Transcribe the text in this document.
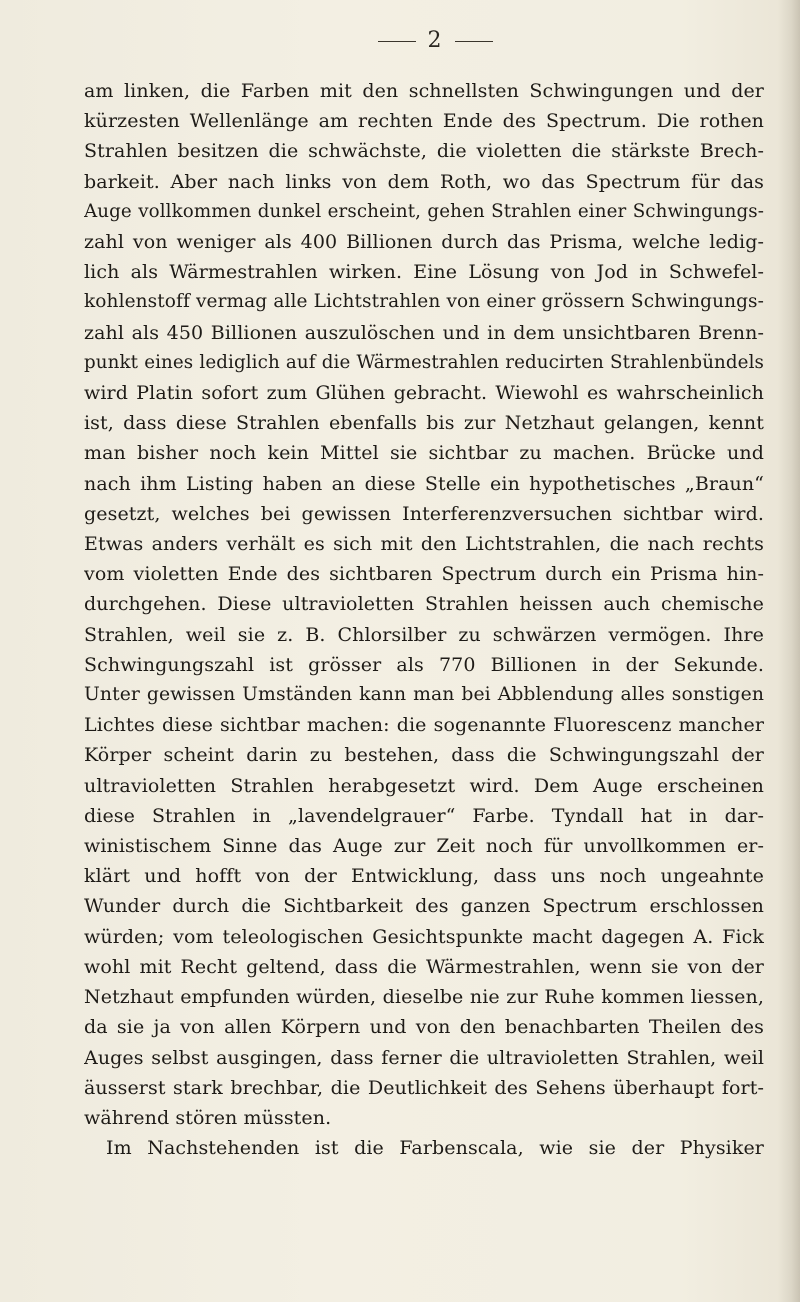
2
am linken, die Farben mit den schnellsten Schwingungen und der
kürzesten Wellenlänge am rechten Ende des Spectrum. Die rothen
Strahlen besitzen die schwächste, die violetten die stärkste Brech-
barkeit. Aber nach links von dem Roth, wo das Spectrum für das
Auge vollkommen dunkel erscheint, gehen Strahlen einer Schwingungs-
zahl von weniger als 400 Billionen durch das Prisma, welche ledig-
lich als Wärmestrahlen wirken. Eine Lösung von Jod in Schwefel-
kohlenstoff vermag alle Lichtstrahlen von einer grössern Schwingungs-
zahl als 450 Billionen auszulöschen und in dem unsichtbaren Brenn-
punkt eines lediglich auf die Wärmestrahlen reducirten Strahlenbündels
wird Platin sofort zum Glühen gebracht. Wiewohl es wahrscheinlich
ist, dass diese Strahlen ebenfalls bis zur Netzhaut gelangen, kennt
man bisher noch kein Mittel sie sichtbar zu machen. Brücke und
nach ihm Listing haben an diese Stelle ein hypothetisches „Braun“
gesetzt, welches bei gewissen Interferenzversuchen sichtbar wird.
Etwas anders verhält es sich mit den Lichtstrahlen, die nach rechts
vom violetten Ende des sichtbaren Spectrum durch ein Prisma hin-
durchgehen. Diese ultravioletten Strahlen heissen auch chemische
Strahlen, weil sie z. B. Chlorsilber zu schwärzen vermögen. Ihre
Schwingungszahl ist grösser als 770 Billionen in der Sekunde.
Unter gewissen Umständen kann man bei Abblendung alles sonstigen
Lichtes diese sichtbar machen: die sogenannte Fluorescenz mancher
Körper scheint darin zu bestehen, dass die Schwingungszahl der
ultravioletten Strahlen herabgesetzt wird. Dem Auge erscheinen
diese Strahlen in „lavendelgrauer“ Farbe. Tyndall hat in dar-
winistischem Sinne das Auge zur Zeit noch für unvollkommen er-
klärt und hofft von der Entwicklung, dass uns noch ungeahnte
Wunder durch die Sichtbarkeit des ganzen Spectrum erschlossen
würden; vom teleologischen Gesichtspunkte macht dagegen A. Fick
wohl mit Recht geltend, dass die Wärmestrahlen, wenn sie von der
Netzhaut empfunden würden, dieselbe nie zur Ruhe kommen liessen,
da sie ja von allen Körpern und von den benachbarten Theilen des
Auges selbst ausgingen, dass ferner die ultravioletten Strahlen, weil
äusserst stark brechbar, die Deutlichkeit des Sehens überhaupt fort-
während stören müssten.
Im Nachstehenden ist die Farbenscala, wie sie der Physiker
